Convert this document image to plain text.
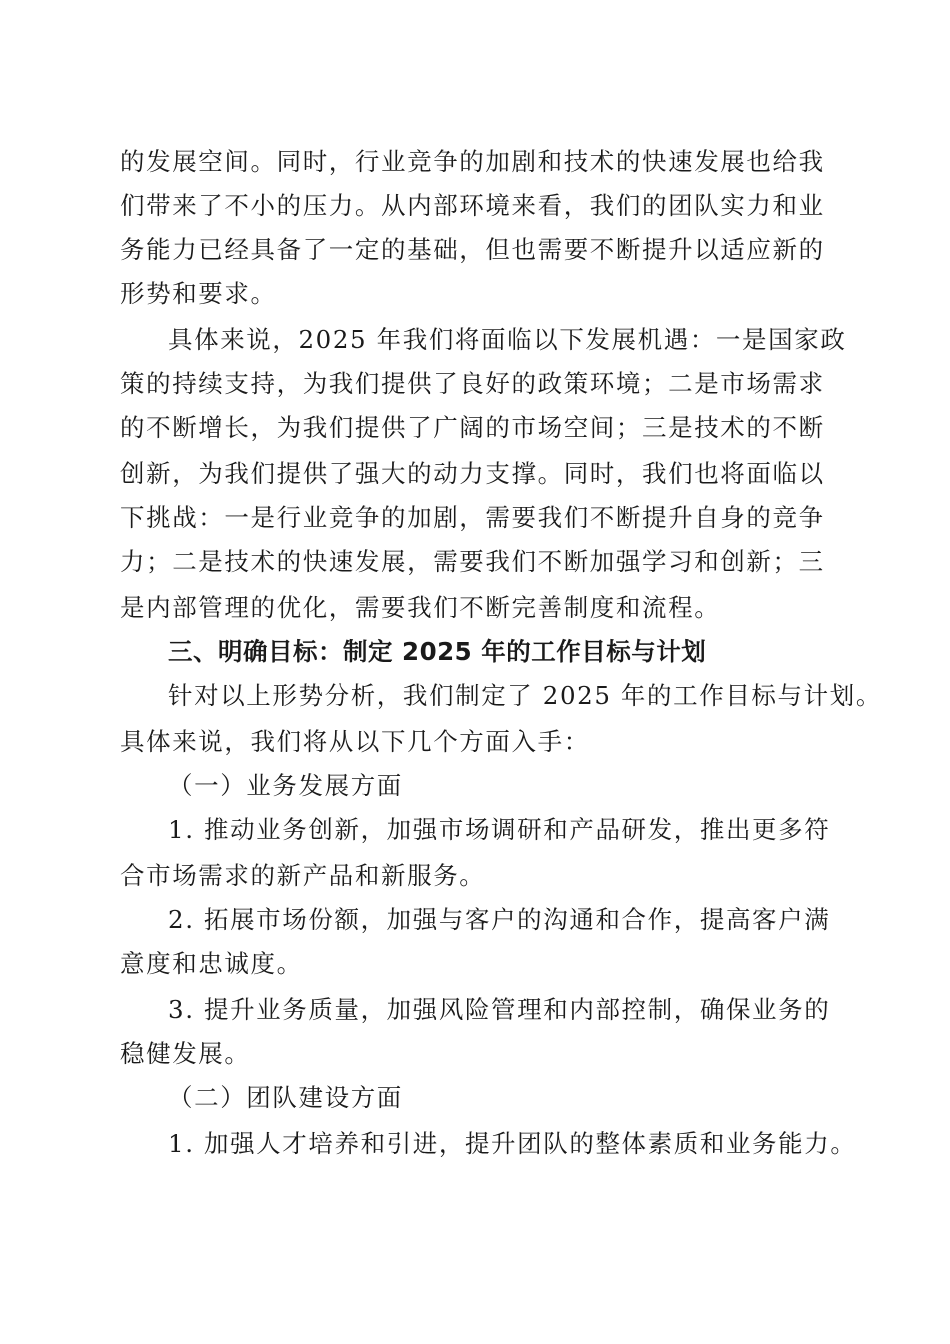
的发展空间。同时，行业竞争的加剧和技术的快速发展也给我
们带来了不小的压力。从内部环境来看，我们的团队实力和业
务能力已经具备了一定的基础，但也需要不断提升以适应新的
形势和要求。
具体来说，2025 年我们将面临以下发展机遇：一是国家政
策的持续支持，为我们提供了良好的政策环境；二是市场需求
的不断增长，为我们提供了广阔的市场空间；三是技术的不断
创新，为我们提供了强大的动力支撑。同时，我们也将面临以
下挑战：一是行业竞争的加剧，需要我们不断提升自身的竞争
力；二是技术的快速发展，需要我们不断加强学习和创新；三
是内部管理的优化，需要我们不断完善制度和流程。
三、明确目标：制定 2025 年的工作目标与计划
针对以上形势分析，我们制定了 2025 年的工作目标与计划。
具体来说，我们将从以下几个方面入手：
（一）业务发展方面
1. 推动业务创新，加强市场调研和产品研发，推出更多符
合市场需求的新产品和新服务。
2. 拓展市场份额，加强与客户的沟通和合作，提高客户满
意度和忠诚度。
3. 提升业务质量，加强风险管理和内部控制，确保业务的
稳健发展。
（二）团队建设方面
1. 加强人才培养和引进，提升团队的整体素质和业务能力。
